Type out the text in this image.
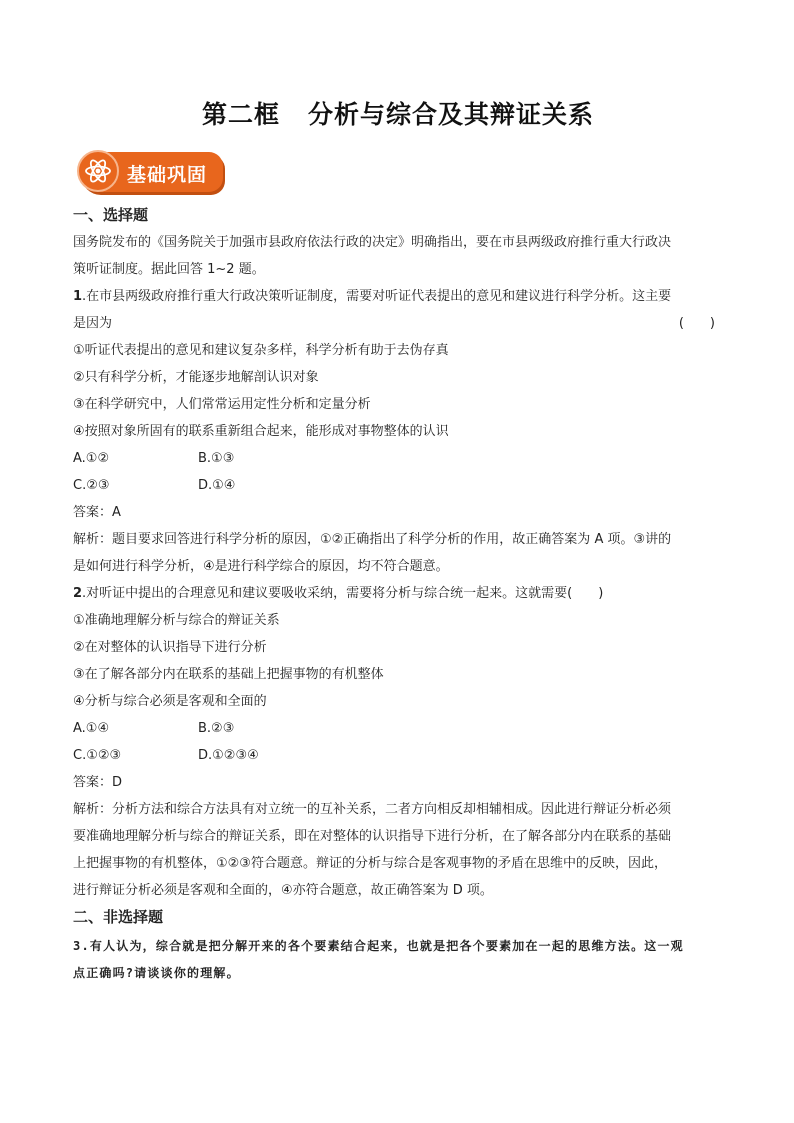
第二框 分析与综合及其辩证关系
基础巩固
一、选择题
国务院发布的《国务院关于加强市县政府依法行政的决定》明确指出，要在市县两级政府推行重大行政决
策听证制度。据此回答 1~2 题。
1.在市县两级政府推行重大行政决策听证制度，需要对听证代表提出的意见和建议进行科学分析。这主要
是因为	(　　)
①听证代表提出的意见和建议复杂多样，科学分析有助于去伪存真
②只有科学分析，才能逐步地解剖认识对象
③在科学研究中，人们常常运用定性分析和定量分析
④按照对象所固有的联系重新组合起来，能形成对事物整体的认识
A.①②	B.①③
C.②③	D.①④
答案：A
解析：题目要求回答进行科学分析的原因，①②正确指出了科学分析的作用，故正确答案为 A 项。③讲的
是如何进行科学分析，④是进行科学综合的原因，均不符合题意。
2.对听证中提出的合理意见和建议要吸收采纳，需要将分析与综合统一起来。这就需要(　　)
①准确地理解分析与综合的辩证关系
②在对整体的认识指导下进行分析
③在了解各部分内在联系的基础上把握事物的有机整体
④分析与综合必须是客观和全面的
A.①④	B.②③
C.①②③	D.①②③④
答案：D
解析：分析方法和综合方法具有对立统一的互补关系，二者方向相反却相辅相成。因此进行辩证分析必须
要准确地理解分析与综合的辩证关系，即在对整体的认识指导下进行分析，在了解各部分内在联系的基础
上把握事物的有机整体，①②③符合题意。辩证的分析与综合是客观事物的矛盾在思维中的反映，因此，
进行辩证分析必须是客观和全面的，④亦符合题意，故正确答案为 D 项。
二、非选择题
3.有人认为，综合就是把分解开来的各个要素结合起来，也就是把各个要素加在一起的思维方法。这一观
点正确吗?请谈谈你的理解。
